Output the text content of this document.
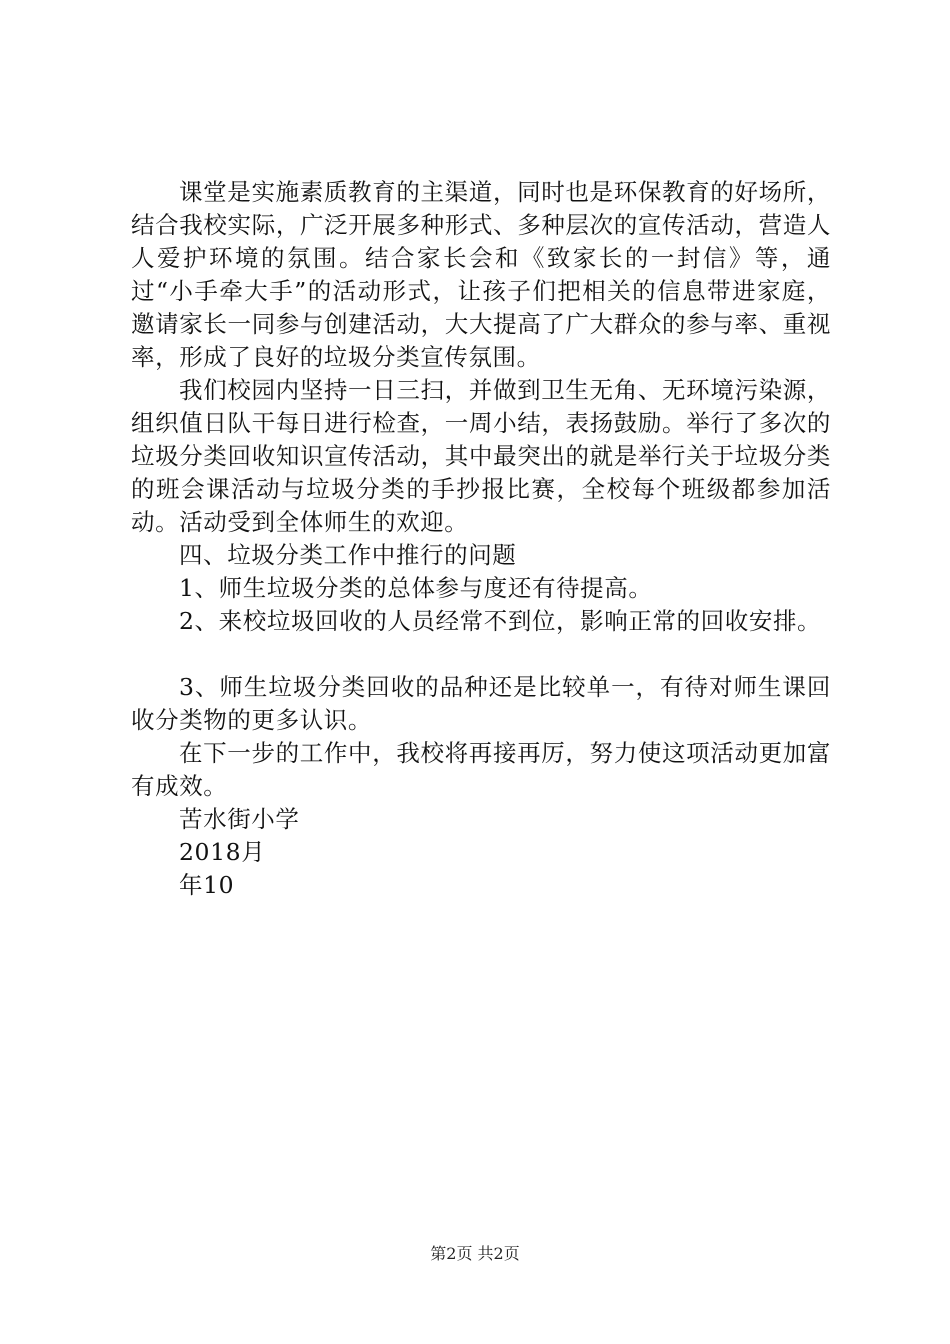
课堂是实施素质教育的主渠道，同时也是环保教育的好场所，结合我校实际，广泛开展多种形式、多种层次的宣传活动，营造人人爱护环境的氛围。结合家长会和《致家长的一封信》等，通过“小手牵大手”的活动形式，让孩子们把相关的信息带进家庭，邀请家长一同参与创建活动，大大提高了广大群众的参与率、重视率，形成了良好的垃圾分类宣传氛围。

我们校园内坚持一日三扫，并做到卫生无角、无环境污染源，组织值日队干每日进行检查，一周小结，表扬鼓励。举行了多次的垃圾分类回收知识宣传活动，其中最突出的就是举行关于垃圾分类的班会课活动与垃圾分类的手抄报比赛，全校每个班级都参加活动。活动受到全体师生的欢迎。

四、垃圾分类工作中推行的问题

1、师生垃圾分类的总体参与度还有待提高。

2、来校垃圾回收的人员经常不到位，影响正常的回收安排。

3、师生垃圾分类回收的品种还是比较单一，有待对师生课回收分类物的更多认识。

在下一步的工作中，我校将再接再厉，努力使这项活动更加富有成效。

苦水街小学

2018月

年10

第2页 共2页
